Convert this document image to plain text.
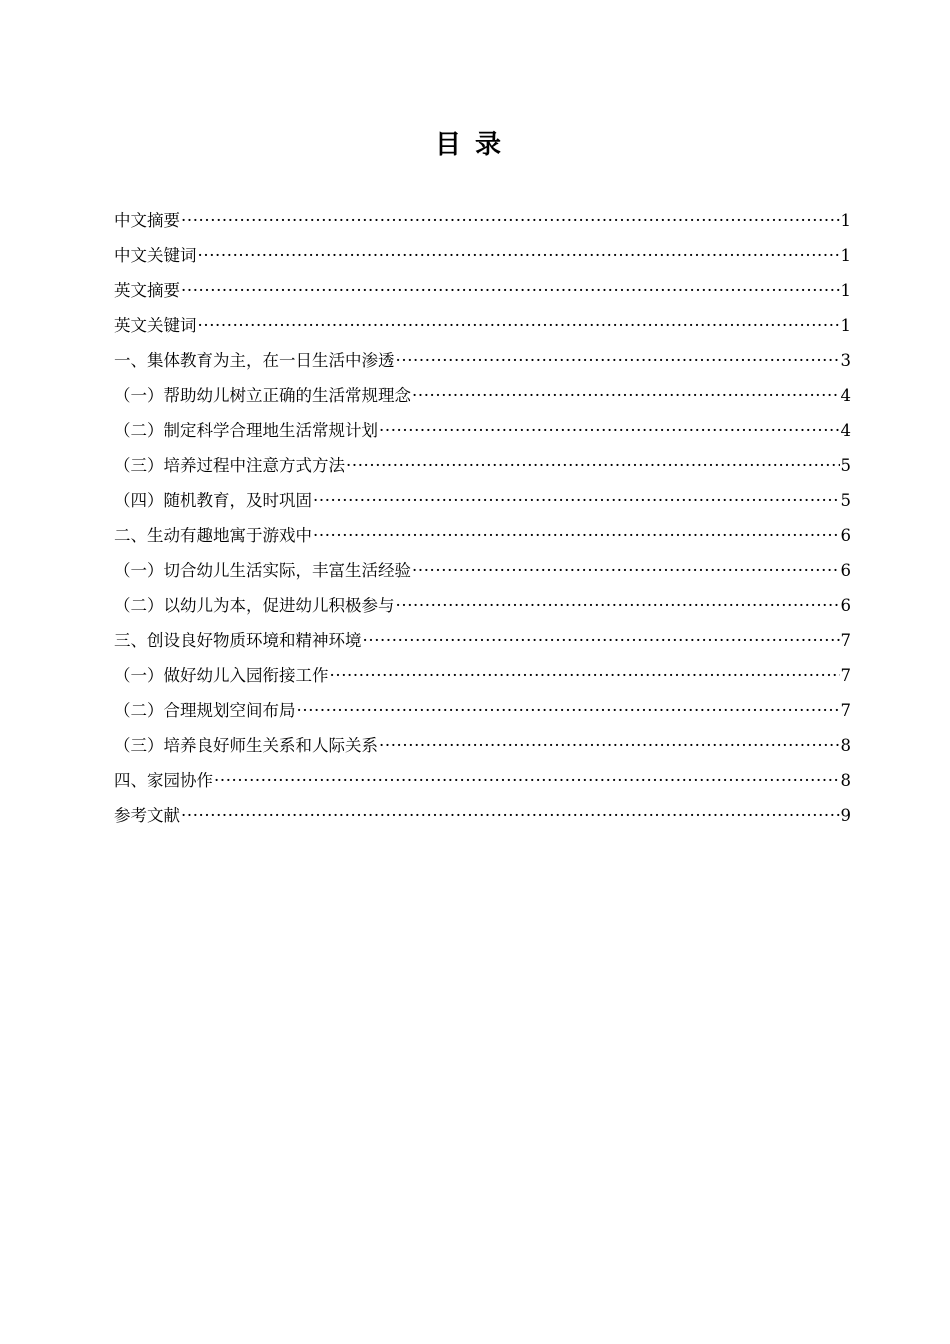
目录
中文摘要 ·····	1
中文关键词 ·····	1
英文摘要 ·····	1
英文关键词 ·····	1
一、集体教育为主，在一日生活中渗透 ·····	3
（一）帮助幼儿树立正确的生活常规理念 ·····	4
（二）制定科学合理地生活常规计划 ·····	4
（三）培养过程中注意方式方法 ·····	5
（四）随机教育，及时巩固 ·····	5
二、生动有趣地寓于游戏中 ·····	6
（一）切合幼儿生活实际，丰富生活经验 ·····	6
（二）以幼儿为本，促进幼儿积极参与 ·····	6
三、创设良好物质环境和精神环境 ·····	7
（一）做好幼儿入园衔接工作 ·····	7
（二）合理规划空间布局 ·····	7
（三）培养良好师生关系和人际关系 ·····	8
四、家园协作 ·····	8
参考文献 ·····	9
